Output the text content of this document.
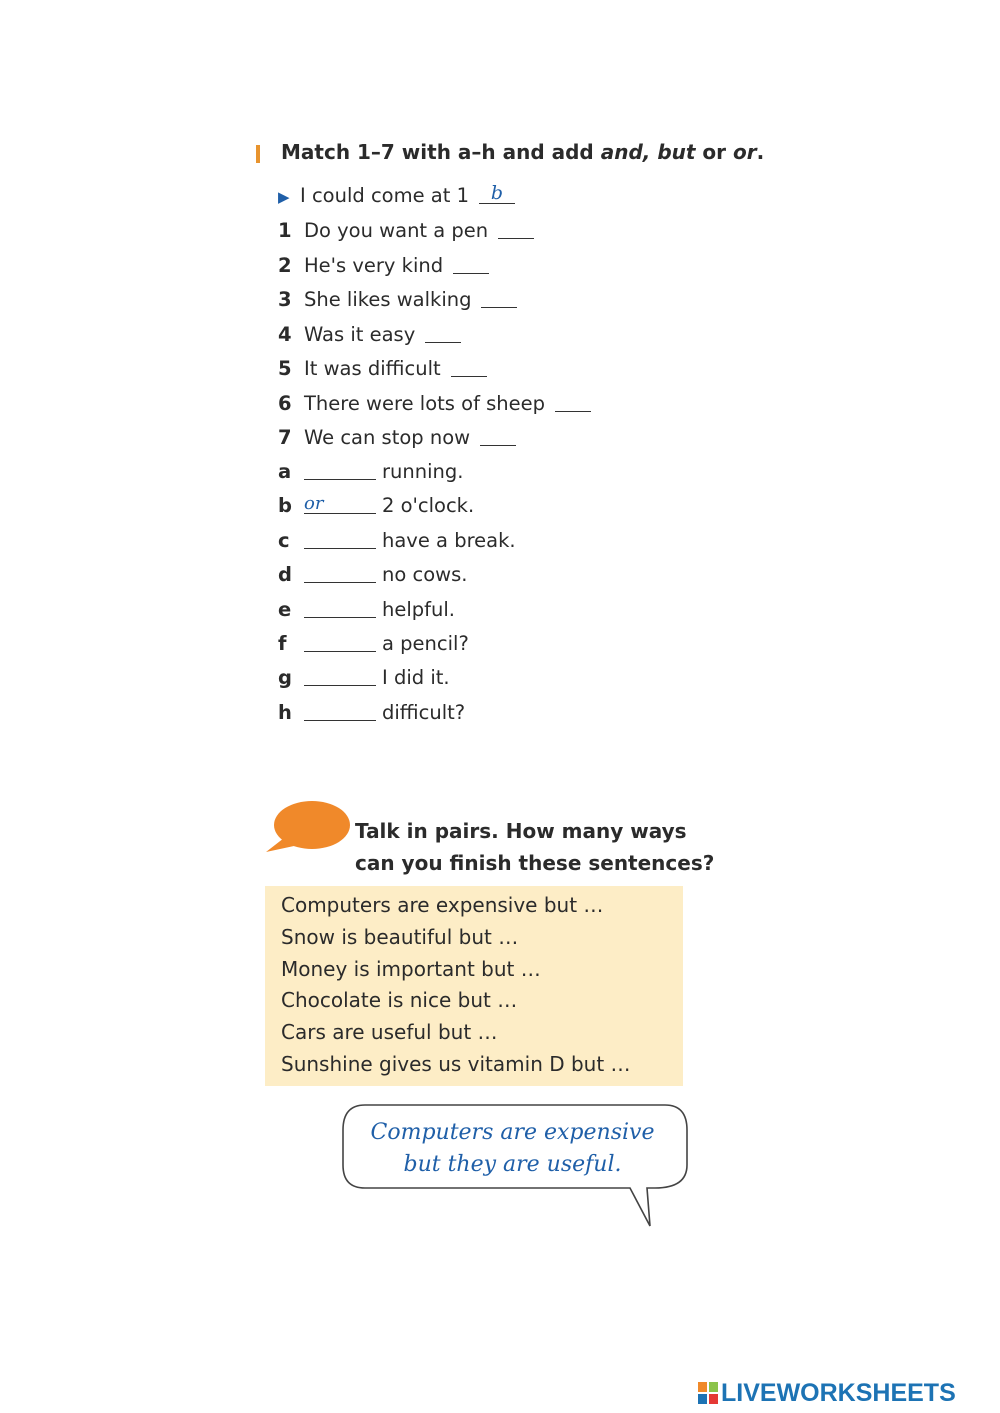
Match 1–7 with a–h and add and, but or or.
▶ I could come at 1 b
1 Do you want a pen
2 He's very kind
3 She likes walking
4 Was it easy
5 It was difficult
6 There were lots of sheep
7 We can stop now
a	running.
b or	2 o'clock.
c	have a break.
d	no cows.
e	helpful.
f	a pencil?
g	I did it.
h	difficult?
Talk in pairs. How many ways
can you finish these sentences?
Computers are expensive but …
Snow is beautiful but …
Money is important but …
Chocolate is nice but …
Cars are useful but …
Sunshine gives us vitamin D but …
Computers are expensive
but they are useful.
LIVEWORKSHEETS
